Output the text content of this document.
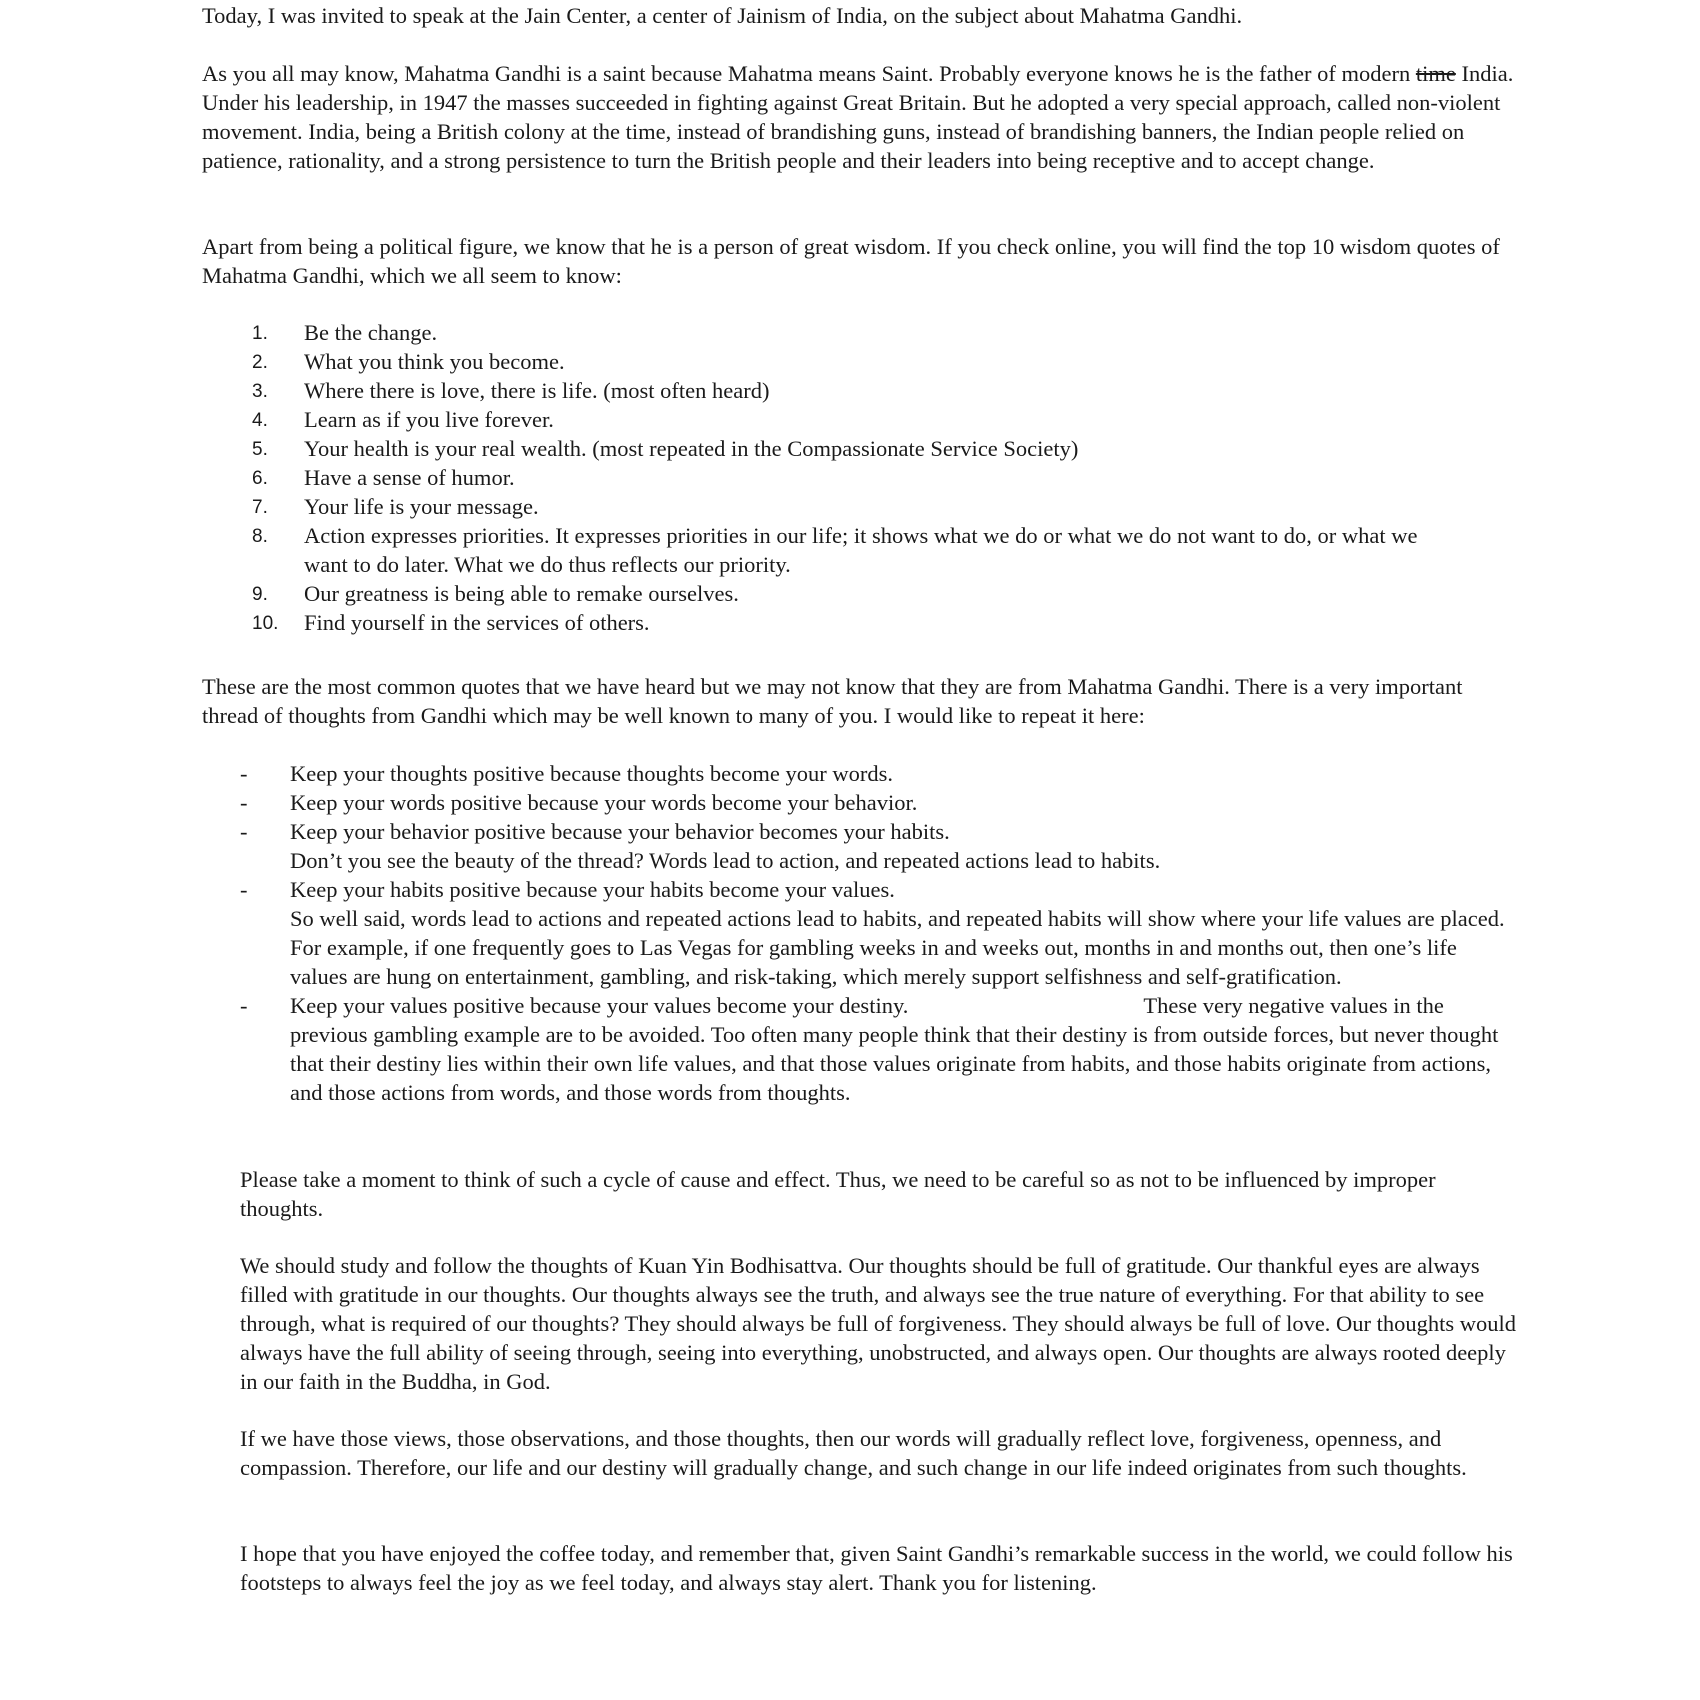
Today, I was invited to speak at the Jain Center, a center of Jainism of India, on the subject about Mahatma Gandhi.

As you all may know, Mahatma Gandhi is a saint because Mahatma means Saint. Probably everyone knows he is the father of modern time India. Under his leadership, in 1947 the masses succeeded in fighting against Great Britain. But he adopted a very special approach, called non-violent movement. India, being a British colony at the time, instead of brandishing guns, instead of brandishing banners, the Indian people relied on patience, rationality, and a strong persistence to turn the British people and their leaders into being receptive and to accept change.

Apart from being a political figure, we know that he is a person of great wisdom. If you check online, you will find the top 10 wisdom quotes of Mahatma Gandhi, which we all seem to know:

1. Be the change.
2. What you think you become.
3. Where there is love, there is life. (most often heard)
4. Learn as if you live forever.
5. Your health is your real wealth. (most repeated in the Compassionate Service Society)
6. Have a sense of humor.
7. Your life is your message.
8. Action expresses priorities. It expresses priorities in our life; it shows what we do or what we do not want to do, or what we want to do later. What we do thus reflects our priority.
9. Our greatness is being able to remake ourselves.
10. Find yourself in the services of others.

These are the most common quotes that we have heard but we may not know that they are from Mahatma Gandhi. There is a very important thread of thoughts from Gandhi which may be well known to many of you. I would like to repeat it here:

- Keep your thoughts positive because thoughts become your words.
- Keep your words positive because your words become your behavior.
- Keep your behavior positive because your behavior becomes your habits.
Don’t you see the beauty of the thread? Words lead to action, and repeated actions lead to habits.
- Keep your habits positive because your habits become your values.
So well said, words lead to actions and repeated actions lead to habits, and repeated habits will show where your life values are placed. For example, if one frequently goes to Las Vegas for gambling weeks in and weeks out, months in and months out, then one’s life values are hung on entertainment, gambling, and risk-taking, which merely support selfishness and self-gratification.
- Keep your values positive because your values become your destiny.	These very negative values in the previous gambling example are to be avoided. Too often many people think that their destiny is from outside forces, but never thought that their destiny lies within their own life values, and that those values originate from habits, and those habits originate from actions, and those actions from words, and those words from thoughts.

Please take a moment to think of such a cycle of cause and effect. Thus, we need to be careful so as not to be influenced by improper thoughts.

We should study and follow the thoughts of Kuan Yin Bodhisattva. Our thoughts should be full of gratitude. Our thankful eyes are always filled with gratitude in our thoughts. Our thoughts always see the truth, and always see the true nature of everything. For that ability to see through, what is required of our thoughts? They should always be full of forgiveness. They should always be full of love. Our thoughts would always have the full ability of seeing through, seeing into everything, unobstructed, and always open. Our thoughts are always rooted deeply in our faith in the Buddha, in God.

If we have those views, those observations, and those thoughts, then our words will gradually reflect love, forgiveness, openness, and compassion. Therefore, our life and our destiny will gradually change, and such change in our life indeed originates from such thoughts.

I hope that you have enjoyed the coffee today, and remember that, given Saint Gandhi’s remarkable success in the world, we could follow his footsteps to always feel the joy as we feel today, and always stay alert. Thank you for listening.
